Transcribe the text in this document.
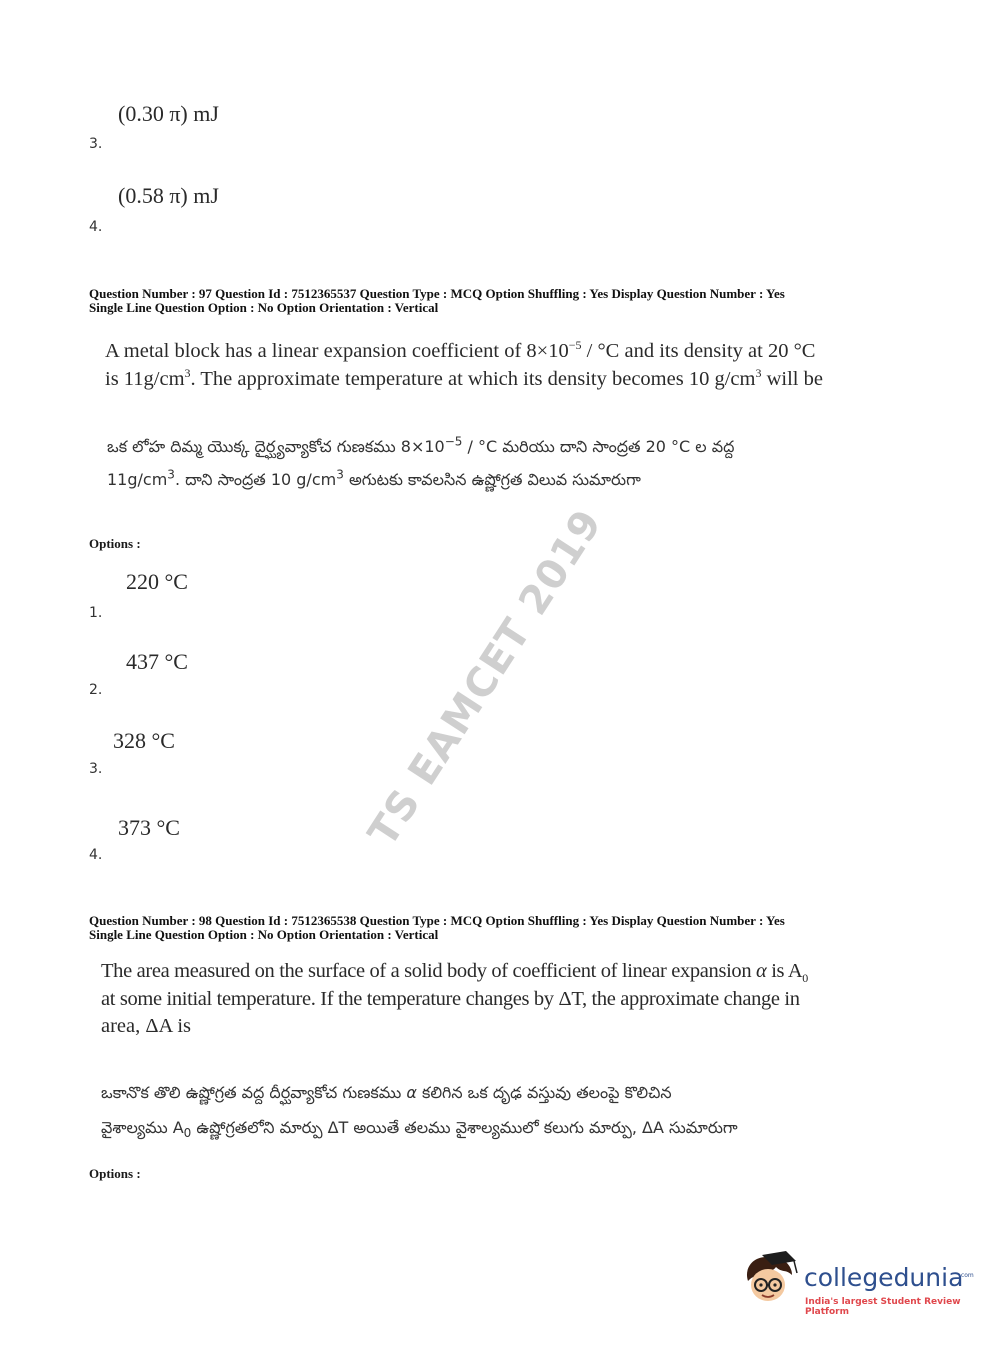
(0.30 π) mJ
3.
(0.58 π) mJ
4.
Question Number : 97 Question Id : 7512365537 Question Type : MCQ Option Shuffling : Yes Display Question Number : Yes
Single Line Question Option : No Option Orientation : Vertical
A metal block has a linear expansion coefficient of $8\times 10^{-5} / ^\circ C$ and its density at 20 °C
is $11g/cm^3$. The approximate temperature at which its density becomes 10 $g/cm^3$ will be
ఒక లోహ దిమ్మ యొక్క దైర్ఘ్యవ్యాకోచ గుణకము $8\times 10^{-5} / ^\circ C$ మరియు దాని సాంద్రత 20 °C ల వద్ద
$11g/cm^3$. దాని సాంద్రత 10 $g/cm^3$ అగుటకు కావలసిన ఉష్ణోగ్రత విలువ సుమారుగా
Options :
220 °C
1.
437 °C
2.
328 °C
3.
373 °C
4.
Question Number : 98 Question Id : 7512365538 Question Type : MCQ Option Shuffling : Yes Display Question Number : Yes
Single Line Question Option : No Option Orientation : Vertical
The area measured on the surface of a solid body of coefficient of linear expansion α is $A_0$
at some initial temperature. If the temperature changes by ΔT, the approximate change in
area, ΔA is
ఒకానొక తొలి ఉష్ణోగ్రత వద్ద దీర్ఘవ్యాకోచ గుణకము α కలిగిన ఒక దృఢ వస్తువు తలంపై కొలిచిన
వైశాల్యము $A_0$ ఉష్ణోగ్రతలోని మార్పు ΔT అయితే తలము వైశాల్యములో కలుగు మార్పు, ΔA సుమారుగా
Options :
TS EAMCET 2019
collegedunia
.com
India's largest Student Review Platform
